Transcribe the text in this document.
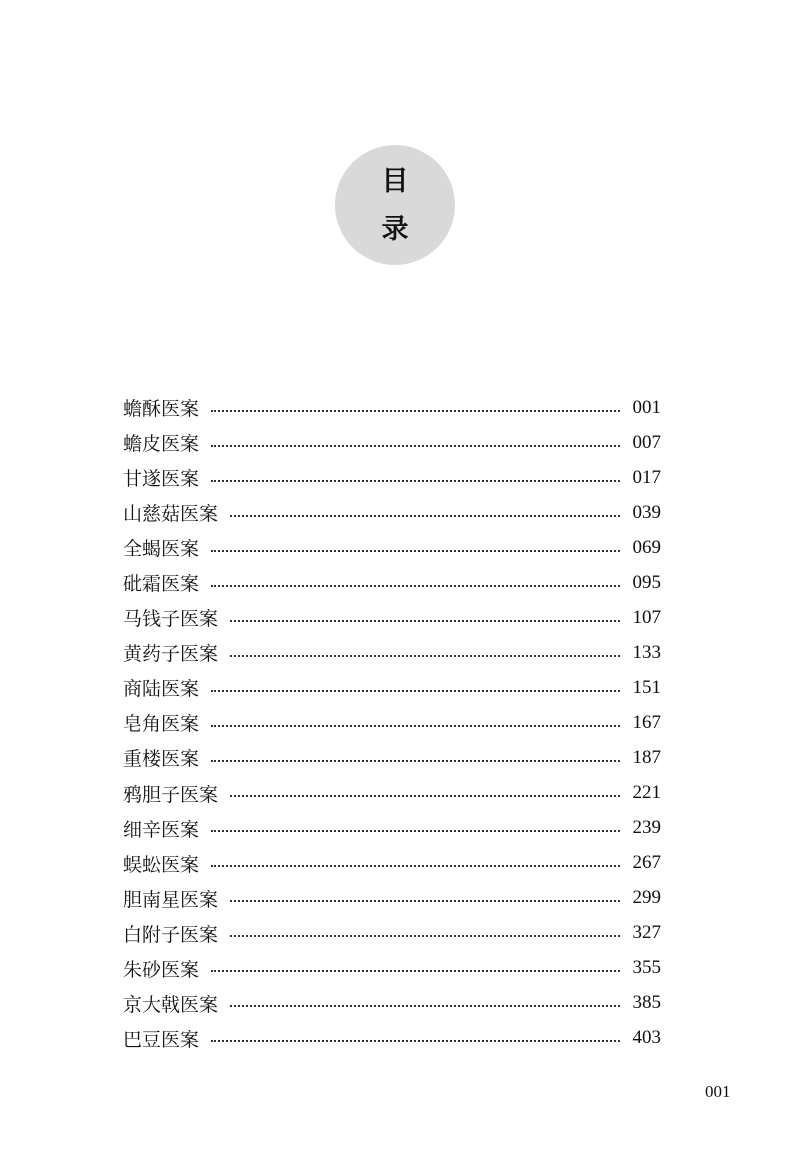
目
录
蟾酥医案	001
蟾皮医案	007
甘遂医案	017
山慈菇医案	039
全蝎医案	069
砒霜医案	095
马钱子医案	107
黄药子医案	133
商陆医案	151
皂角医案	167
重楼医案	187
鸦胆子医案	221
细辛医案	239
蜈蚣医案	267
胆南星医案	299
白附子医案	327
朱砂医案	355
京大戟医案	385
巴豆医案	403
001
